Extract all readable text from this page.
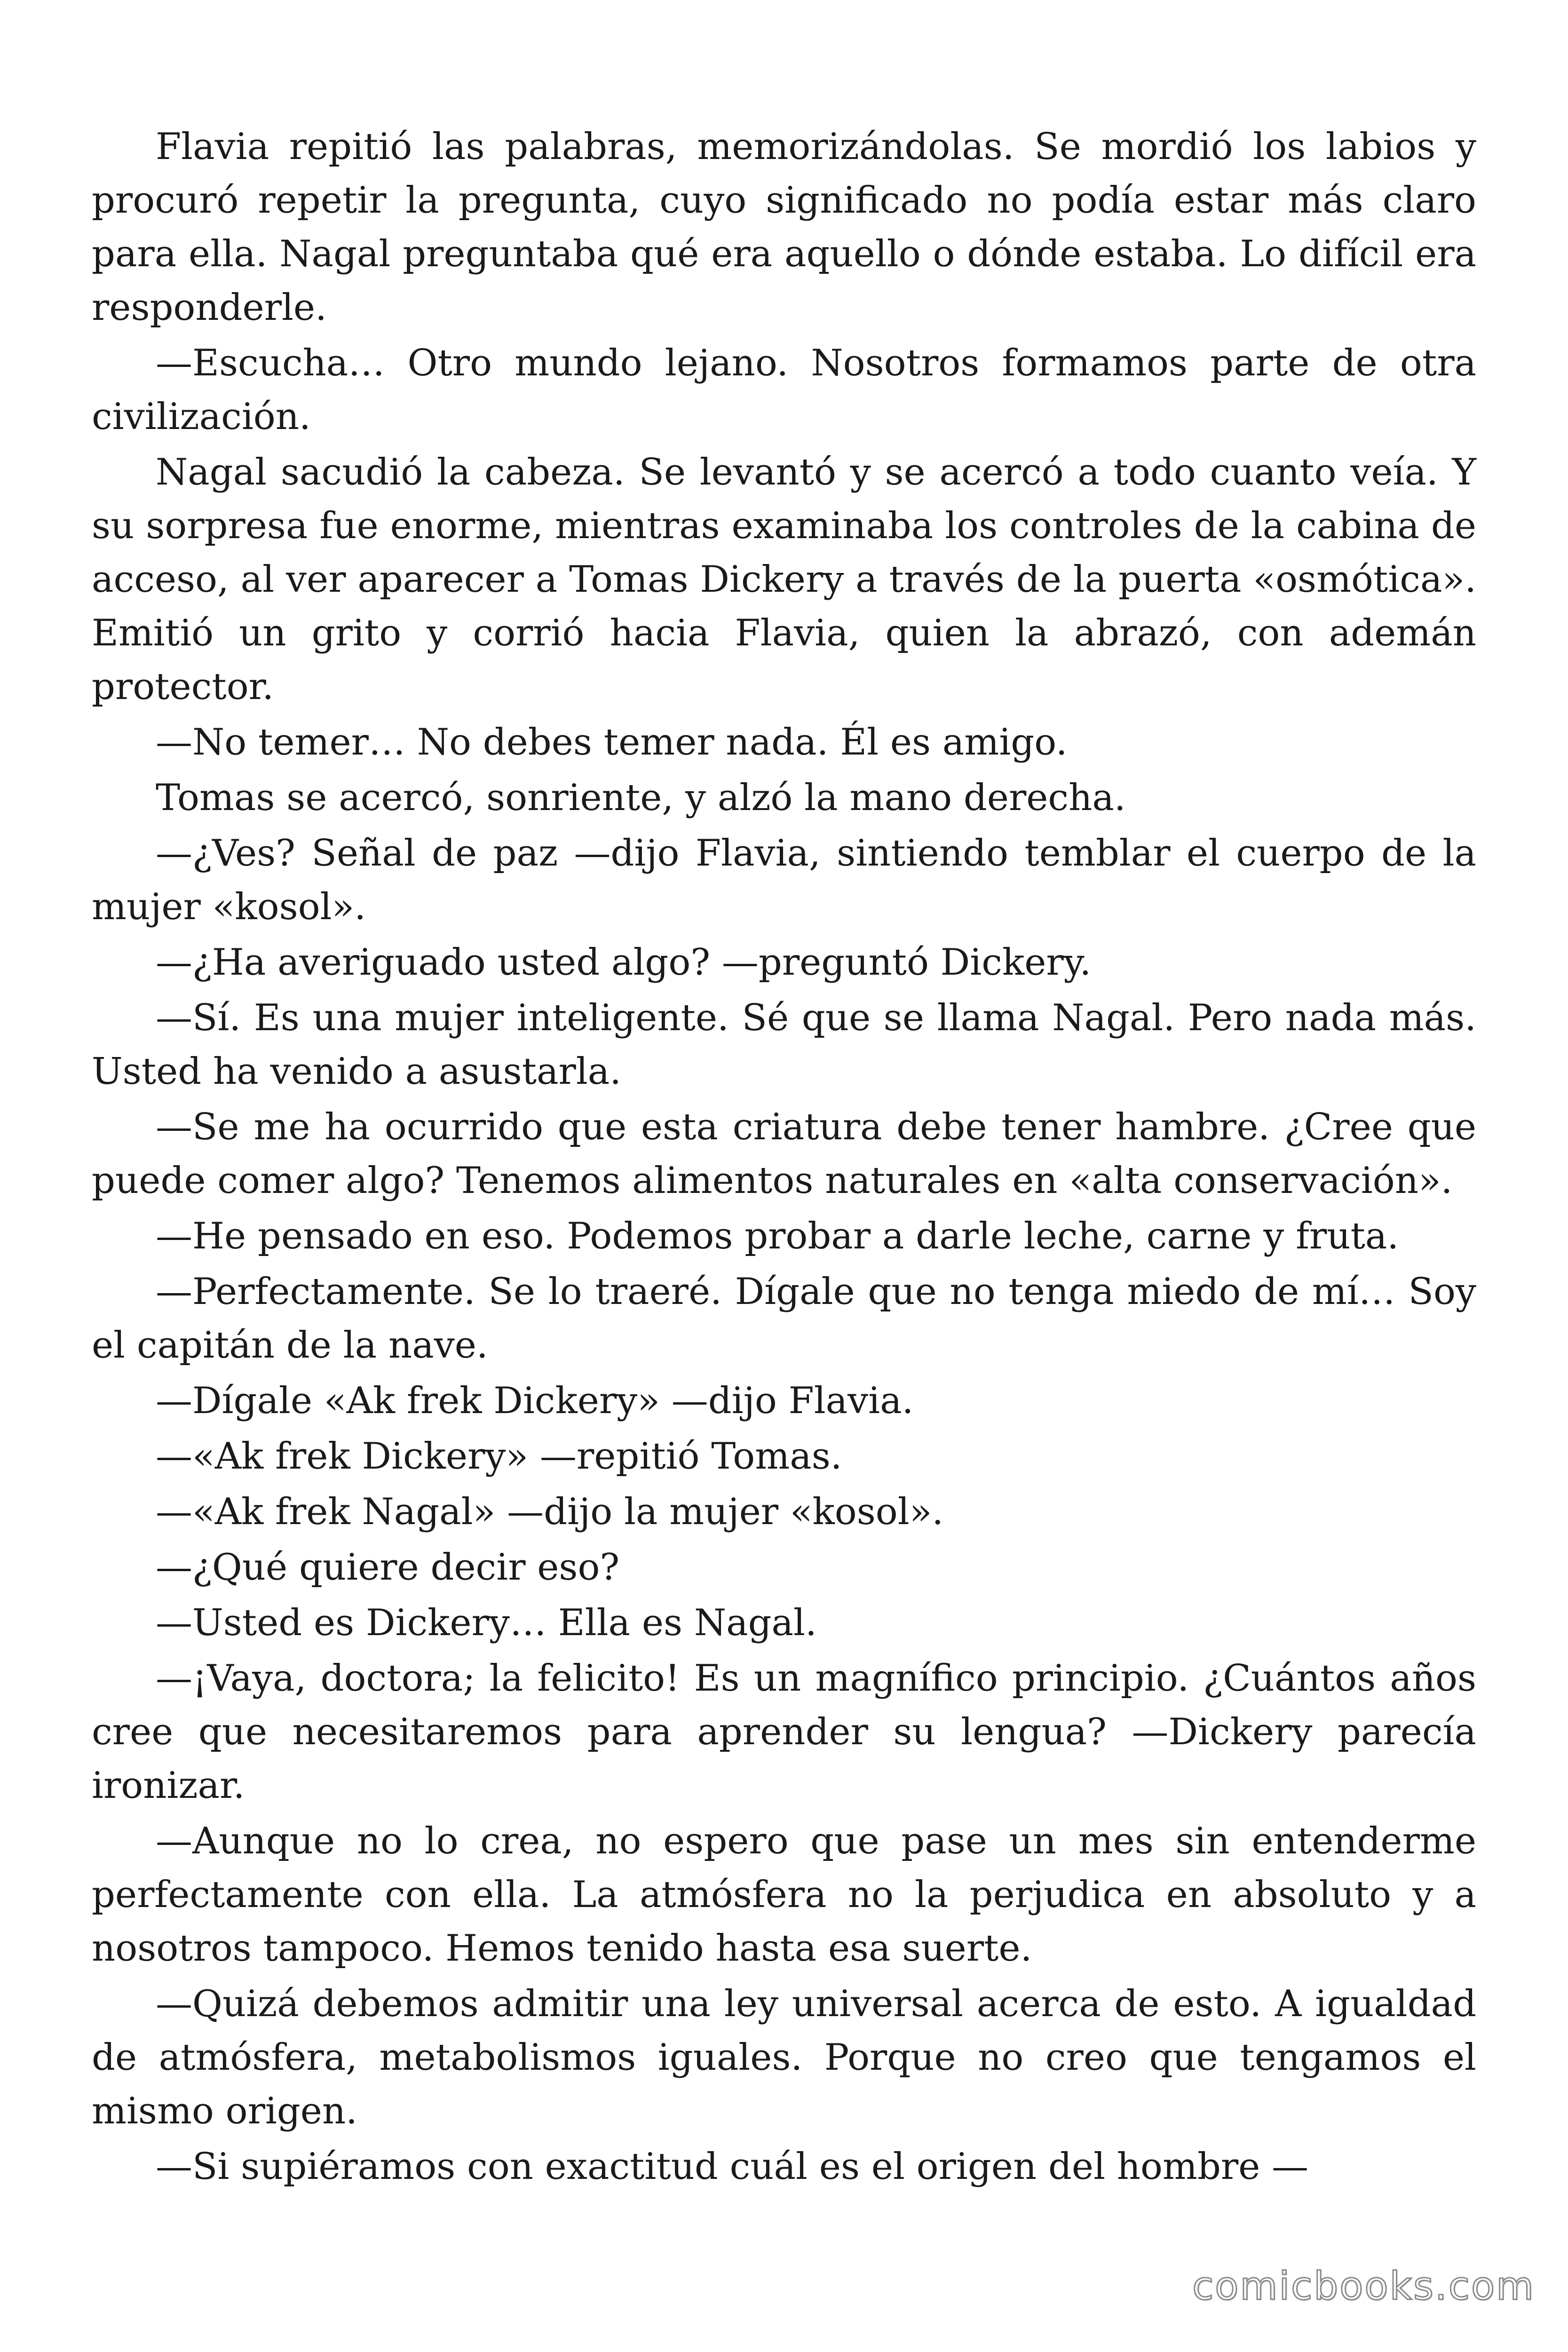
Flavia repitió las palabras, memorizándolas. Se mordió los labios y procuró repetir la pregunta, cuyo significado no podía estar más claro para ella. Nagal preguntaba qué era aquello o dónde estaba. Lo difícil era responderle.

—Escucha… Otro mundo lejano. Nosotros formamos parte de otra civilización.

Nagal sacudió la cabeza. Se levantó y se acercó a todo cuanto veía. Y su sorpresa fue enorme, mientras examinaba los controles de la cabina de acceso, al ver aparecer a Tomas Dickery a través de la puerta «osmótica». Emitió un grito y corrió hacia Flavia, quien la abrazó, con ademán protector.

—No temer… No debes temer nada. Él es amigo.

Tomas se acercó, sonriente, y alzó la mano derecha.

—¿Ves? Señal de paz —dijo Flavia, sintiendo temblar el cuerpo de la mujer «kosol».

—¿Ha averiguado usted algo? —preguntó Dickery.

—Sí. Es una mujer inteligente. Sé que se llama Nagal. Pero nada más. Usted ha venido a asustarla.

—Se me ha ocurrido que esta criatura debe tener hambre. ¿Cree que puede comer algo? Tenemos alimentos naturales en «alta conservación».

—He pensado en eso. Podemos probar a darle leche, carne y fruta.

—Perfectamente. Se lo traeré. Dígale que no tenga miedo de mí… Soy el capitán de la nave.

—Dígale «Ak frek Dickery» —dijo Flavia.

—«Ak frek Dickery» —repitió Tomas.

—«Ak frek Nagal» —dijo la mujer «kosol».

—¿Qué quiere decir eso?

—Usted es Dickery… Ella es Nagal.

—¡Vaya, doctora; la felicito! Es un magnífico principio. ¿Cuántos años cree que necesitaremos para aprender su lengua? —Dickery parecía ironizar.

—Aunque no lo crea, no espero que pase un mes sin entenderme perfectamente con ella. La atmósfera no la perjudica en absoluto y a nosotros tampoco. Hemos tenido hasta esa suerte.

—Quizá debemos admitir una ley universal acerca de esto. A igualdad de atmósfera, metabolismos iguales. Porque no creo que tengamos el mismo origen.

—Si supiéramos con exactitud cuál es el origen del hombre —

comicbooks.com
